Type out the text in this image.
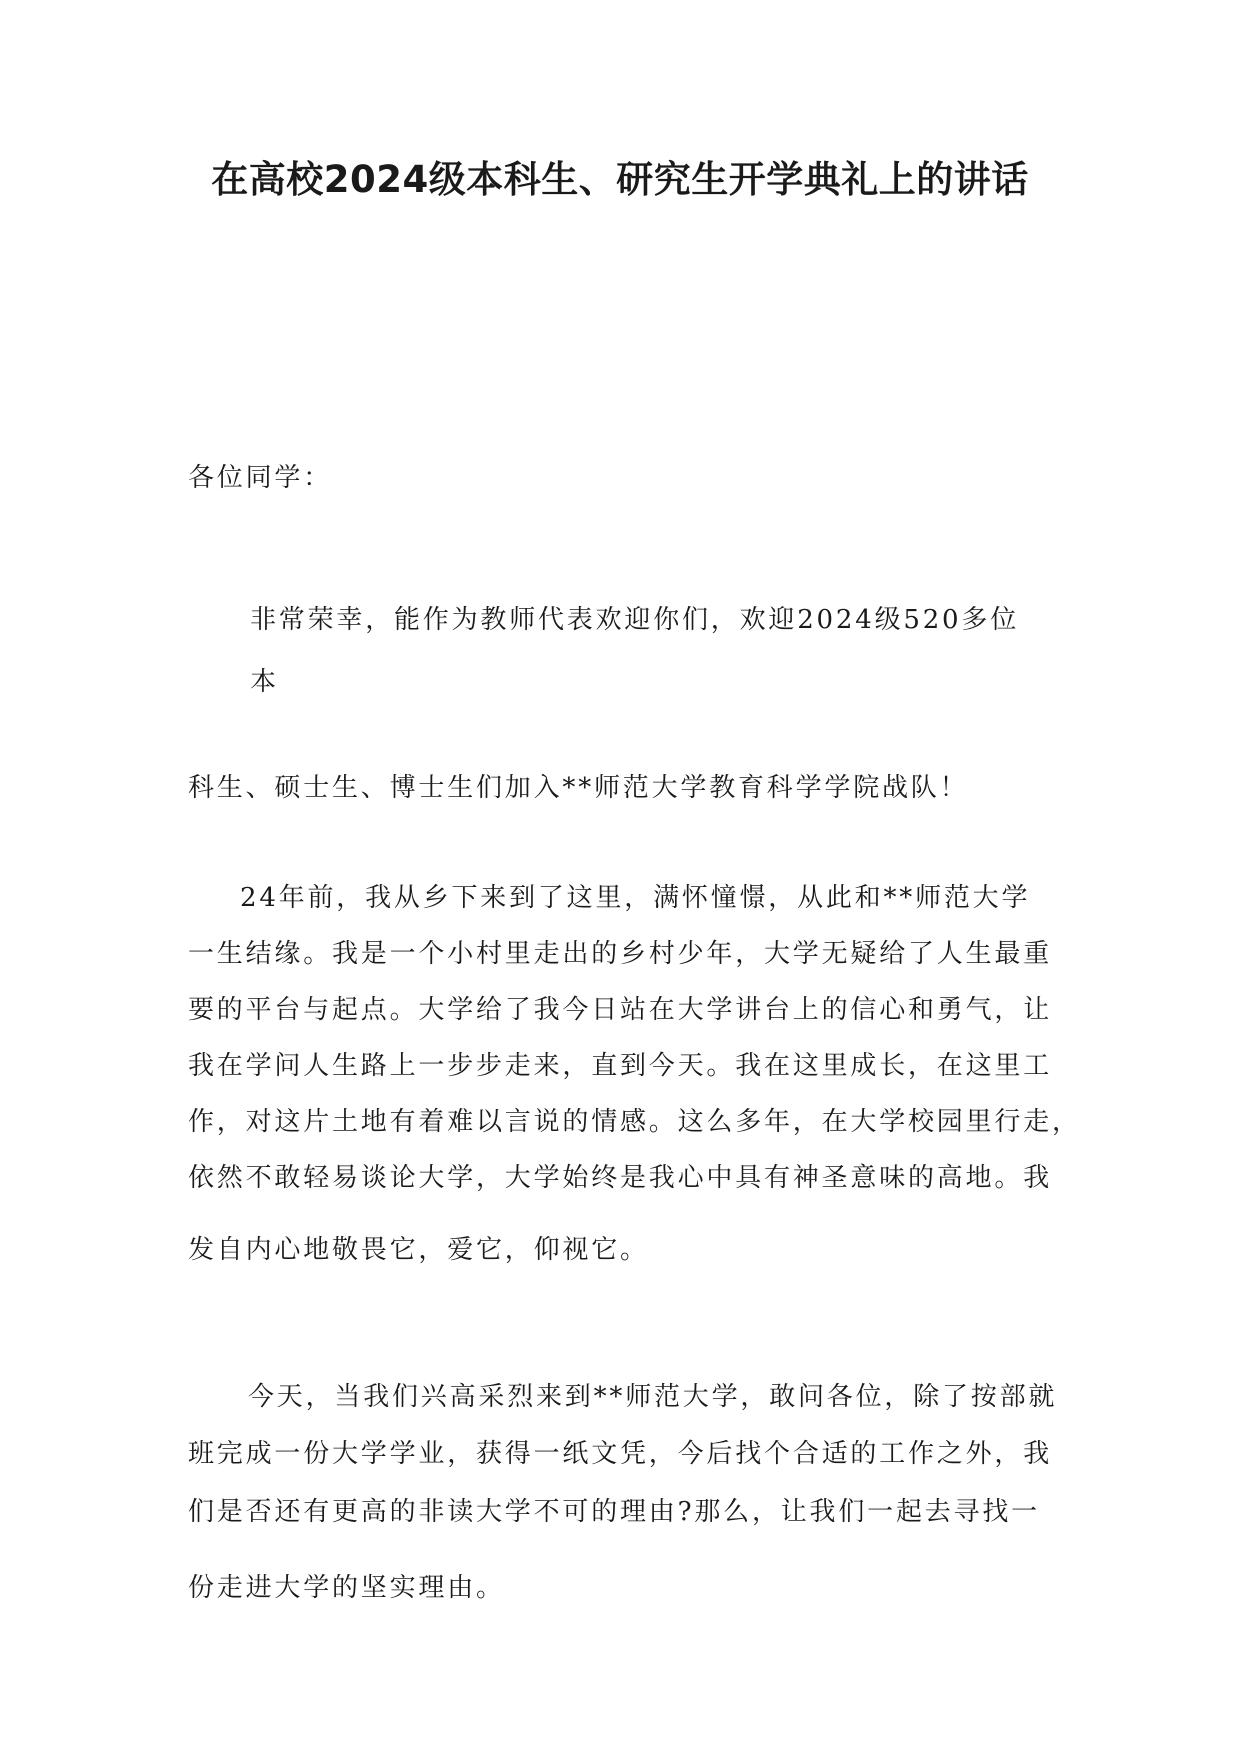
在高校2024级本科生、研究生开学典礼上的讲话
各位同学：
非常荣幸，能作为教师代表欢迎你们，欢迎2024级520多位
本
科生、硕士生、博士生们加入**师范大学教育科学学院战队！
24年前，我从乡下来到了这里，满怀憧憬，从此和**师范大学
一生结缘。我是一个小村里走出的乡村少年，大学无疑给了人生最重
要的平台与起点。大学给了我今日站在大学讲台上的信心和勇气，让
我在学问人生路上一步步走来，直到今天。我在这里成长，在这里工
作，对这片土地有着难以言说的情感。这么多年，在大学校园里行走，
依然不敢轻易谈论大学，大学始终是我心中具有神圣意味的高地。我
发自内心地敬畏它，爱它，仰视它。
今天，当我们兴高采烈来到**师范大学，敢问各位，除了按部就
班完成一份大学学业，获得一纸文凭，今后找个合适的工作之外，我
们是否还有更高的非读大学不可的理由?那么，让我们一起去寻找一
份走进大学的坚实理由。
